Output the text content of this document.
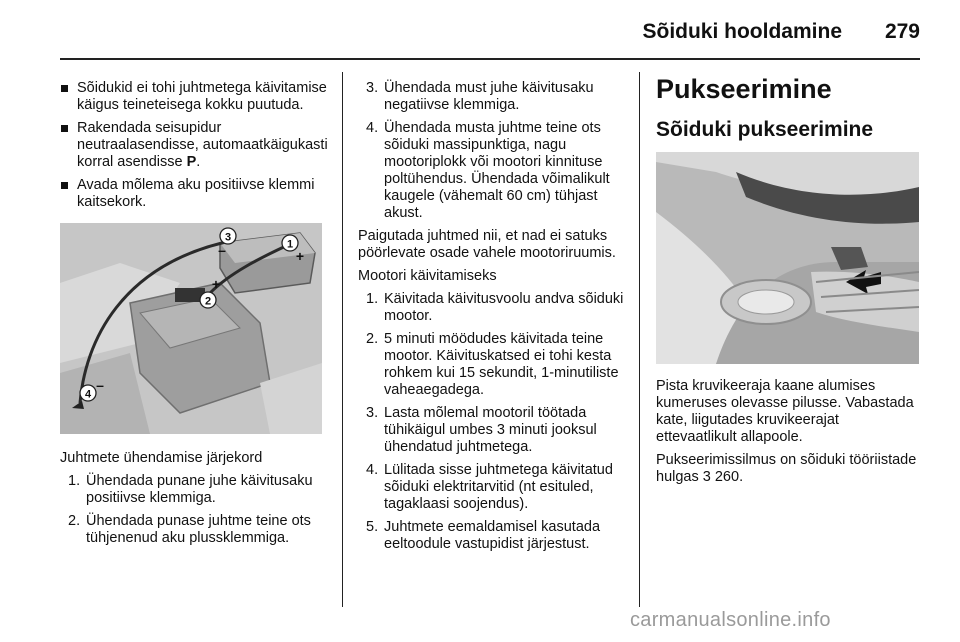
Sõiduki hooldamine 279
Sõidukid ei tohi juhtmetega käivitamise käigus teineteisega kokku puutuda.
Rakendada seisupidur neutraalasendisse, automaatkäigukasti korral asendisse P.
Avada mõlema aku positiivse klemmi kaitsekork.
3
–	1
+
2
+
4
–
Juhtmete ühendamise järjekord
1. Ühendada punane juhe käivitusaku positiivse klemmiga.
2. Ühendada punase juhtme teine ots tühjenenud aku plussklemmiga.
3. Ühendada must juhe käivitusaku negatiivse klemmiga.
4. Ühendada musta juhtme teine ots sõiduki massipunktiga, nagu mootoriplokk või mootori kinnituse poltühendus. Ühendada võimalikult kaugele (vähemalt 60 cm) tühjast akust.

Paigutada juhtmed nii, et nad ei satuks pöörlevate osade vahele mootoriruumis.

Mootori käivitamiseks

1. Käivitada käivitusvoolu andva sõiduki mootor.
2. 5 minuti möödudes käivitada teine mootor. Käivituskatsed ei tohi kesta rohkem kui 15 sekundit, 1-minutiliste vaheaegadega.
3. Lasta mõlemal mootoril töötada tühikäigul umbes 3 minuti jooksul ühendatud juhtmetega.
4. Lülitada sisse juhtmetega käivitatud sõiduki elektritarvitid (nt esituled, tagaklaasi soojendus).
5. Juhtmete eemaldamisel kasutada eeltoodule vastupidist järjestust.
Pukseerimine
Sõiduki pukseerimine

Pista kruvikeeraja kaane alumises kumeruses olevasse pilusse. Vabastada kate, liigutades kruvikeerajat ettevaatlikult allapoole.

Pukseerimissilmus on sõiduki tööriistade hulgas 3 260.

carmanualsonline.info
